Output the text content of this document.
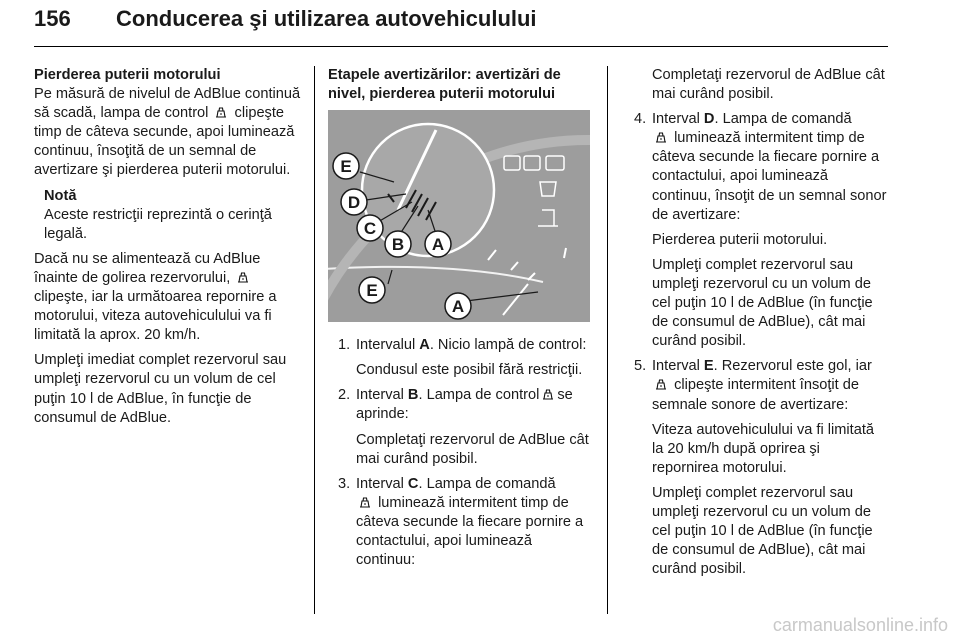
156 Conducerea şi utilizarea autovehiculului
Pierderea puterii motorului

Pe măsură de nivelul de AdBlue continuă să scadă, lampa de control clipeşte timp de câteva secunde, apoi luminează continuu, însoţită de un semnal de avertizare şi pierderea puterii motorului.

Notă
Aceste restricţii reprezintă o cerinţă legală.

Dacă nu se alimentează cu AdBlue înainte de golirea rezervorului,
clipeşte, iar la următoarea repornire a motorului, viteza autovehiculului va fi limitată la aprox. 20 km/h.

Umpleţi imediat complet rezervorul sau umpleţi rezervorul cu un volum de cel puţin 10 l de AdBlue, în funcţie de consumul de AdBlue.

Etapele avertizărilor: avertizări de nivel, pierderea puterii motorului
E
D
C
B A
E
A
1. Intervalul A. Nicio lampă de control:

Condusul este posibil fără restricţii.

2. Interval B. Lampa de control se aprinde:

Completaţi rezervorul de AdBlue cât mai curând posibil.

3. Interval C. Lampa de comandă

luminează intermitent timp de câteva secunde la fiecare pornire a contactului, apoi luminează continuu:

Completaţi rezervorul de AdBlue cât mai curând posibil.

4. Interval D. Lampa de comandă

luminează intermitent timp de câteva secunde la fiecare pornire a contactului, apoi luminează continuu, însoţit de un semnal sonor de avertizare:

Pierderea puterii motorului.

Umpleţi complet rezervorul sau umpleţi rezervorul cu un volum de cel puţin 10 l de AdBlue (în funcţie de consumul de AdBlue), cât mai curând posibil.

5. Interval E. Rezervorul este gol, iar

clipeşte intermitent însoţit de semnale sonore de avertizare:

Viteza autovehiculului va fi limitată la 20 km/h după oprirea şi repornirea motorului.

Umpleţi complet rezervorul sau umpleţi rezervorul cu un volum de cel puţin 10 l de AdBlue (în funcţie de consumul de AdBlue), cât mai curând posibil.

carmanualsonline.info
